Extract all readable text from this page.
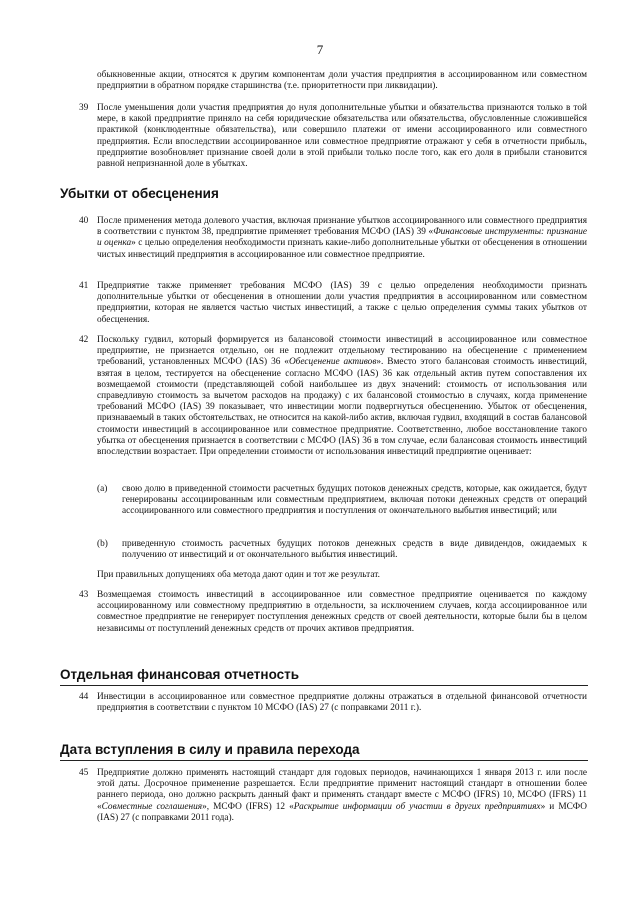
7
обыкновенные акции, относятся к другим компонентам доли участия предприятия в ассоциированном или совместном предприятии в обратном порядке старшинства (т.е. приоритетности при ликвидации).
39 После уменьшения доли участия предприятия до нуля дополнительные убытки и обязательства признаются только в той мере, в какой предприятие приняло на себя юридические обязательства или обязательства, обусловленные сложившейся практикой (конклюдентные обязательства), или совершило платежи от имени ассоциированного или совместного предприятия. Если впоследствии ассоциированное или совместное предприятие отражают у себя в отчетности прибыль, предприятие возобновляет признание своей доли в этой прибыли только после того, как его доля в прибыли становится равной непризнанной доле в убытках.
Убытки от обесценения
40 После применения метода долевого участия, включая признание убытков ассоциированного или совместного предприятия в соответствии с пунктом 38, предприятие применяет требования МСФО (IAS) 39 «Финансовые инструменты: признание и оценка» с целью определения необходимости признать какие-либо дополнительные убытки от обесценения в отношении чистых инвестиций предприятия в ассоциированное или совместное предприятие.
41 Предприятие также применяет требования МСФО (IAS) 39 с целью определения необходимости признать дополнительные убытки от обесценения в отношении доли участия предприятия в ассоциированном или совместном предприятии, которая не является частью чистых инвестиций, а также с целью определения суммы таких убытков от обесценения.
42 Поскольку гудвил, который формируется из балансовой стоимости инвестиций в ассоциированное или совместное предприятие, не признается отдельно, он не подлежит отдельному тестированию на обесценение с применением требований, установленных МСФО (IAS) 36 «Обесценение активов». Вместо этого балансовая стоимость инвестиций, взятая в целом, тестируется на обесценение согласно МСФО (IAS) 36 как отдельный актив путем сопоставления их возмещаемой стоимости (представляющей собой наибольшее из двух значений: стоимость от использования или справедливую стоимость за вычетом расходов на продажу) с их балансовой стоимостью в случаях, когда применение требований МСФО (IAS) 39 показывает, что инвестиции могли подвергнуться обесценению. Убыток от обесценения, признаваемый в таких обстоятельствах, не относится на какой-либо актив, включая гудвил, входящий в состав балансовой стоимости инвестиций в ассоциированное или совместное предприятие. Соответственно, любое восстановление такого убытка от обесценения признается в соответствии с МСФО (IAS) 36 в том случае, если балансовая стоимость инвестиций впоследствии возрастает. При определении стоимости от использования инвестиций предприятие оценивает:
(a) свою долю в приведенной стоимости расчетных будущих потоков денежных средств, которые, как ожидается, будут генерированы ассоциированным или совместным предприятием, включая потоки денежных средств от операций ассоциированного или совместного предприятия и поступления от окончательного выбытия инвестиций; или
(b) приведенную стоимость расчетных будущих потоков денежных средств в виде дивидендов, ожидаемых к получению от инвестиций и от окончательного выбытия инвестиций.
При правильных допущениях оба метода дают один и тот же результат.
43 Возмещаемая стоимость инвестиций в ассоциированное или совместное предприятие оценивается по каждому ассоциированному или совместному предприятию в отдельности, за исключением случаев, когда ассоциированное или совместное предприятие не генерирует поступления денежных средств от своей деятельности, которые были бы в целом независимы от поступлений денежных средств от прочих активов предприятия.
Отдельная финансовая отчетность
44 Инвестиции в ассоциированное или совместное предприятие должны отражаться в отдельной финансовой отчетности предприятия в соответствии с пунктом 10 МСФО (IAS) 27 (с поправками 2011 г.).
Дата вступления в силу и правила перехода
45 Предприятие должно применять настоящий стандарт для годовых периодов, начинающихся 1 января 2013 г. или после этой даты. Досрочное применение разрешается. Если предприятие применит настоящий стандарт в отношении более раннего периода, оно должно раскрыть данный факт и применять стандарт вместе с МСФО (IFRS) 10, МСФО (IFRS) 11 «Совместные соглашения», МСФО (IFRS) 12 «Раскрытие информации об участии в других предприятиях» и МСФО (IAS) 27 (с поправками 2011 года).
